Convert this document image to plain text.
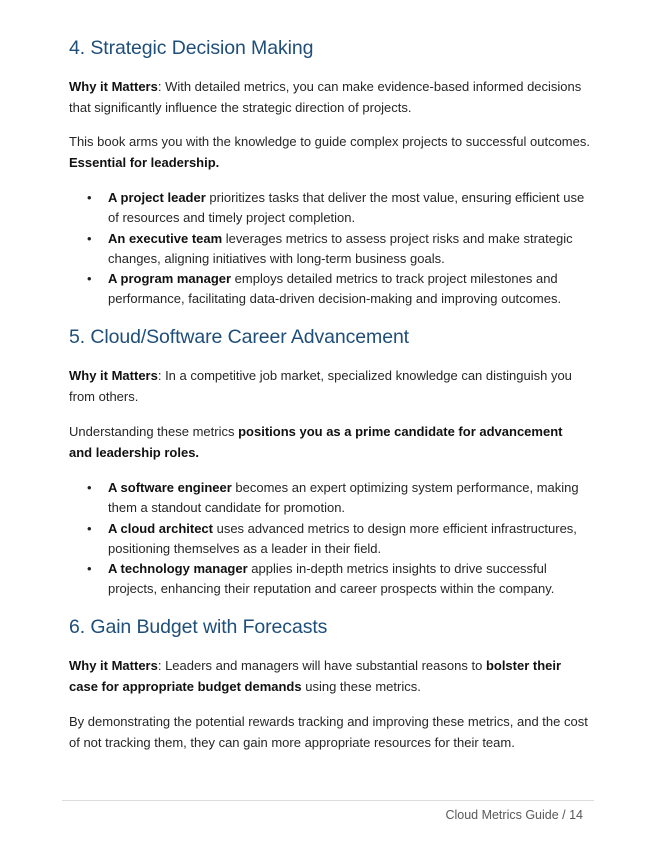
4. Strategic Decision Making

Why it Matters: With detailed metrics, you can make evidence-based informed decisions that significantly influence the strategic direction of projects.

This book arms you with the knowledge to guide complex projects to successful outcomes. Essential for leadership.

• A project leader prioritizes tasks that deliver the most value, ensuring efficient use of resources and timely project completion.
• An executive team leverages metrics to assess project risks and make strategic changes, aligning initiatives with long-term business goals.
• A program manager employs detailed metrics to track project milestones and performance, facilitating data-driven decision-making and improving outcomes.
5. Cloud/Software Career Advancement

Why it Matters: In a competitive job market, specialized knowledge can distinguish you from others.

Understanding these metrics positions you as a prime candidate for advancement and leadership roles.

• A software engineer becomes an expert optimizing system performance, making them a standout candidate for promotion.
• A cloud architect uses advanced metrics to design more efficient infrastructures, positioning themselves as a leader in their field.
• A technology manager applies in-depth metrics insights to drive successful projects, enhancing their reputation and career prospects within the company.
6. Gain Budget with Forecasts

Why it Matters: Leaders and managers will have substantial reasons to bolster their case for appropriate budget demands using these metrics.

By demonstrating the potential rewards tracking and improving these metrics, and the cost of not tracking them, they can gain more appropriate resources for their team.

Cloud Metrics Guide / 14
